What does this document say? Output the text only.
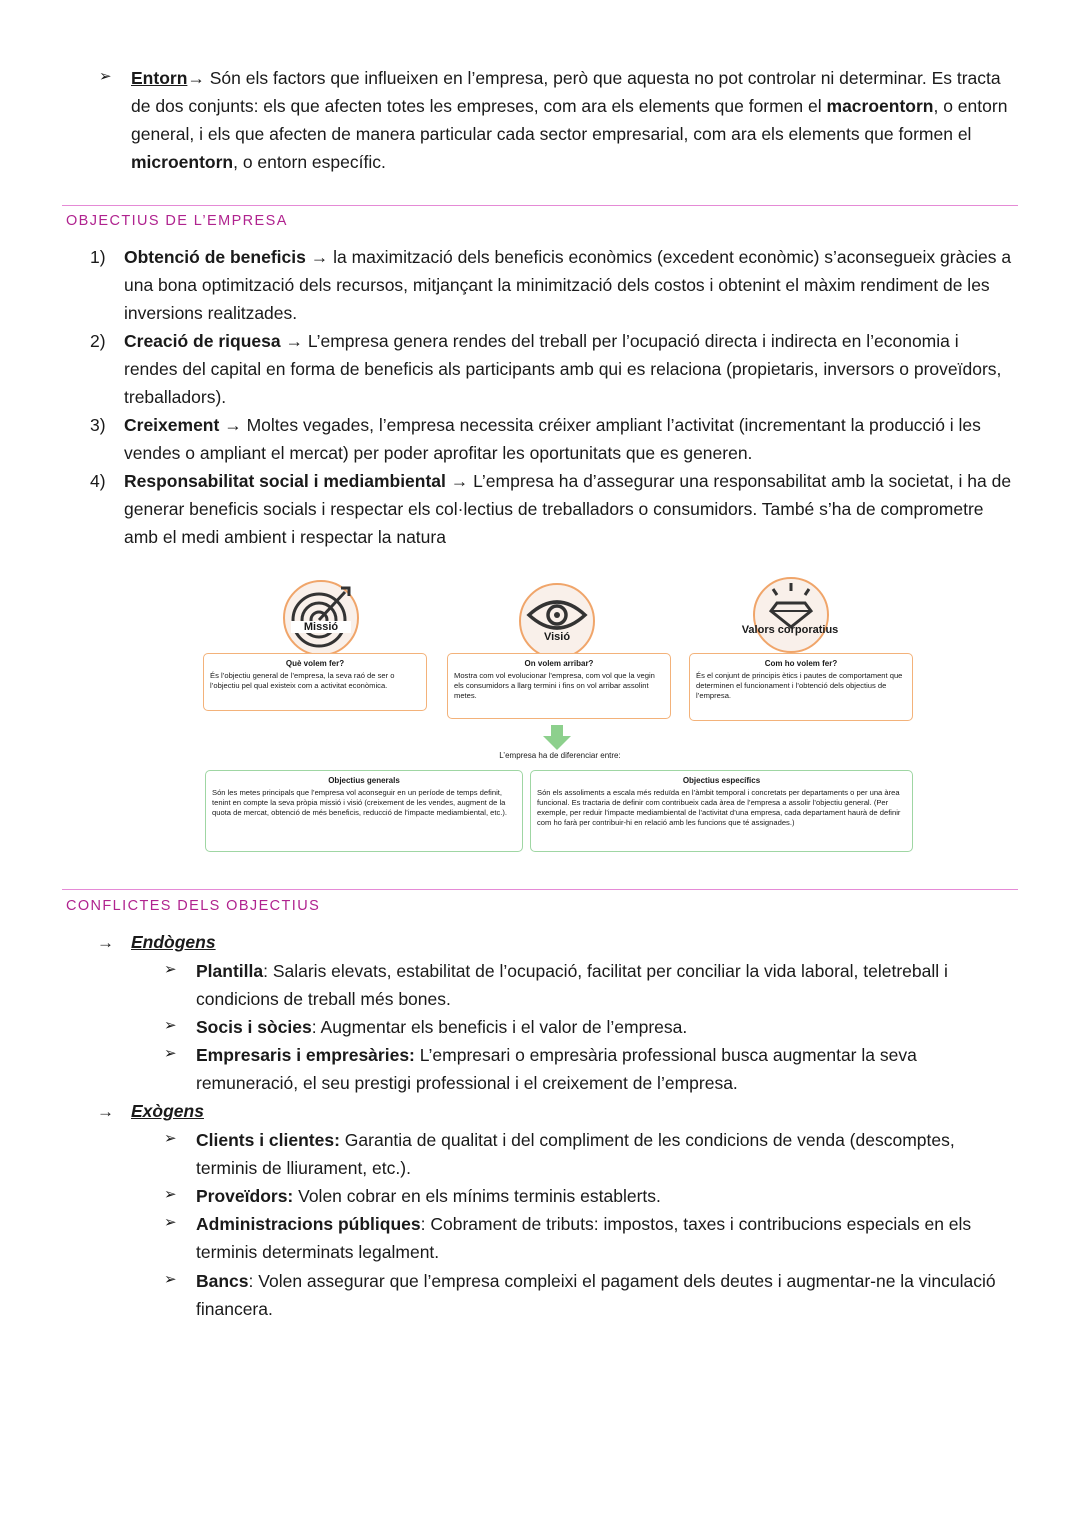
➢ Entorn→ Són els factors que influeixen en l’empresa, però que aquesta no pot controlar ni determinar. Es tracta de dos conjunts: els que afecten totes les empreses, com ara els elements que formen el macroentorn, o entorn general, i els que afecten de manera particular cada sector empresarial, com ara els elements que formen el microentorn, o entorn específic.
OBJECTIUS DE L’EMPRESA
1) Obtenció de beneficis → la maximització dels beneficis econòmics (excedent econòmic) s’aconsegueix gràcies a una bona optimització dels recursos, mitjançant la minimització dels costos i obtenint el màxim rendiment de les inversions realitzades.
2) Creació de riquesa → L’empresa genera rendes del treball per l’ocupació directa i indirecta en l’economia i rendes del capital en forma de beneficis als participants amb qui es relaciona (propietaris, inversors o proveïdors, treballadors).
3) Creixement → Moltes vegades, l’empresa necessita créixer ampliant l’activitat (incrementant la producció i les vendes o ampliant el mercat) per poder aprofitar les oportunitats que es generen.
4) Responsabilitat social i mediambiental → L’empresa ha d’assegurar una responsabilitat amb la societat, i ha de generar beneficis socials i respectar els col·lectius de treballadors o consumidors. També s’ha de comprometre amb el medi ambient i respectar la natura
Missió
Visió
Valors corporatius
Què volem fer?
És l’objectiu general de l’empresa, la seva raó de ser o l’objectiu pel qual existeix com a activitat econòmica.
On volem arribar?
Mostra com vol evolucionar l’empresa, com vol que la vegin els consumidors a llarg termini i fins on vol arribar assolint metes.
Com ho volem fer?
És el conjunt de principis ètics i pautes de comportament que determinen el funcionament i l’obtenció dels objectius de l’empresa.
L’empresa ha de diferenciar entre:
Objectius generals
Són les metes principals que l’empresa vol aconseguir en un període de temps definit, tenint en compte la seva pròpia missió i visió (creixement de les vendes, augment de la quota de mercat, obtenció de més beneficis, reducció de l’impacte mediambiental, etc.).
Objectius específics
Són els assoliments a escala més reduïda en l’àmbit temporal i concretats per departaments o per una àrea funcional. Es tractaria de definir com contribueix cada àrea de l’empresa a assolir l’objectiu general. (Per exemple, per reduir l’impacte mediambiental de l’activitat d’una empresa, cada departament haurà de definir com ho farà per contribuir-hi en relació amb les funcions que té assignades.)
CONFLICTES DELS OBJECTIUS
→ Endògens
➢ Plantilla: Salaris elevats, estabilitat de l’ocupació, facilitat per conciliar la vida laboral, teletreball i condicions de treball més bones.
➢ Socis i sòcies: Augmentar els beneficis i el valor de l’empresa.
➢ Empresaris i empresàries: L’empresari o empresària professional busca augmentar la seva remuneració, el seu prestigi professional i el creixement de l’empresa.
→ Exògens
➢ Clients i clientes: Garantia de qualitat i del compliment de les condicions de venda (descomptes, terminis de lliurament, etc.).
➢ Proveïdors: Volen cobrar en els mínims terminis establerts.
➢ Administracions públiques: Cobrament de tributs: impostos, taxes i contribucions especials en els terminis determinats legalment.
➢ Bancs: Volen assegurar que l’empresa compleixi el pagament dels deutes i augmentar-ne la vinculació financera.
